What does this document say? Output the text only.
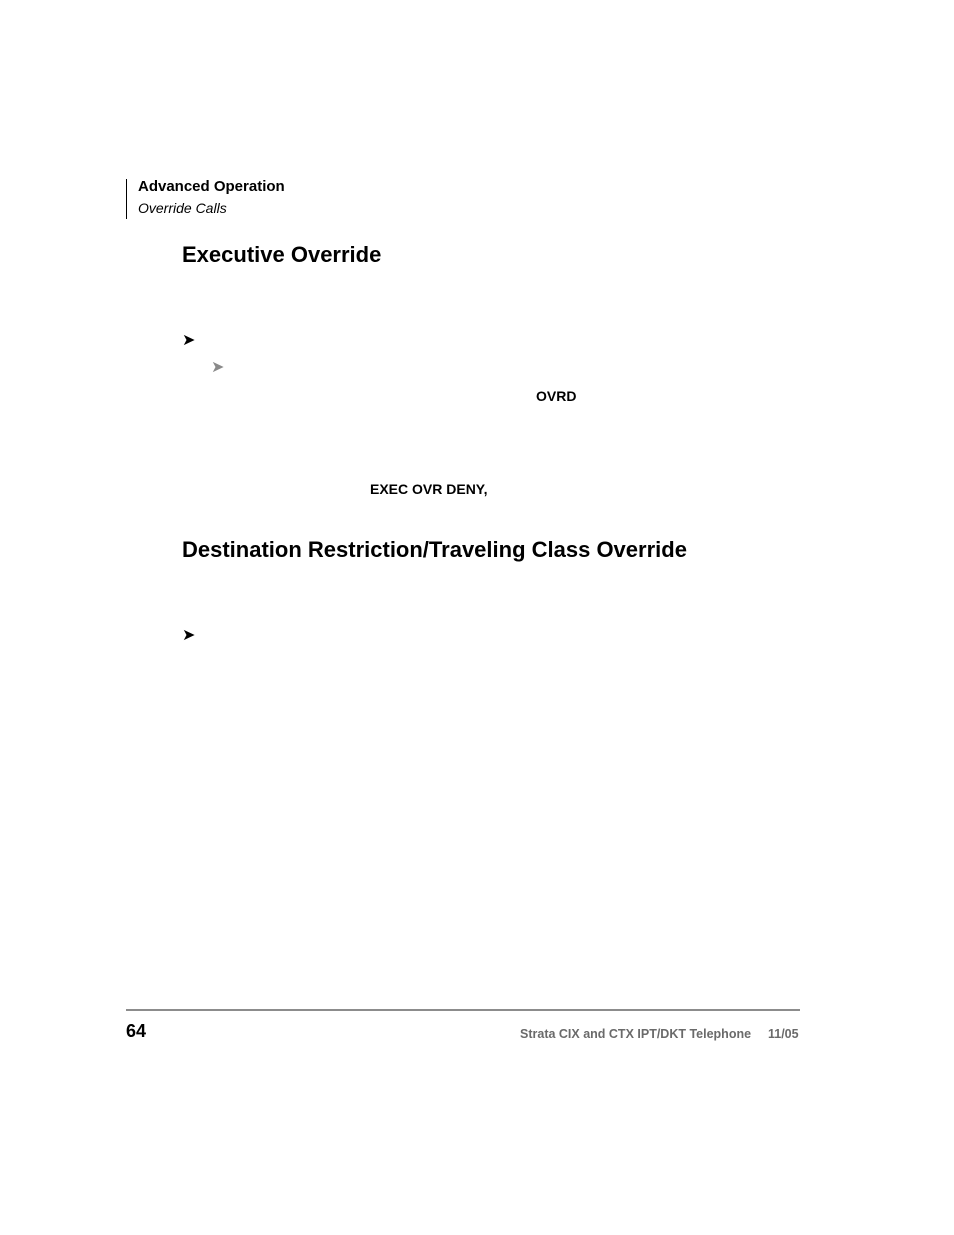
Advanced Operation
Override Calls
Executive Override
➤
➤
OVRD
EXEC OVR DENY,
Destination Restriction/Traveling Class Override
➤
64	Strata CIX and CTX IPT/DKT Telephone 11/05
